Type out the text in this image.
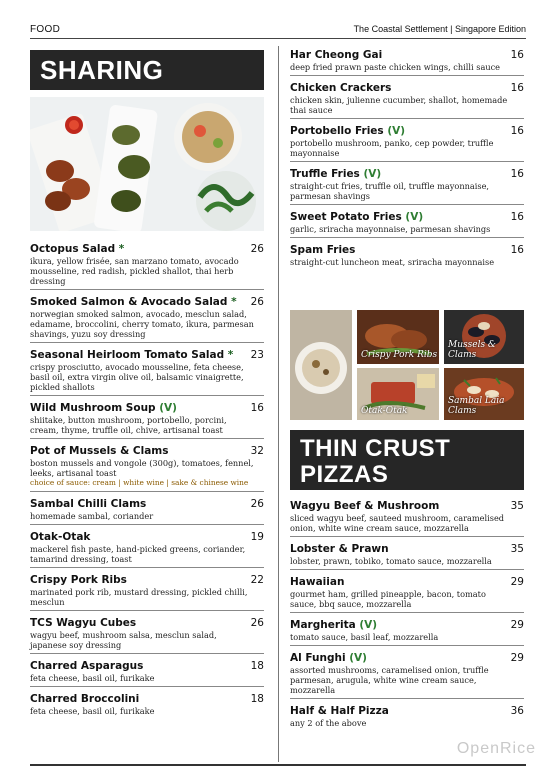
FOOD	The Coastal Settlement | Singapore Edition
SHARING
Octopus Salad *	26
ikura, yellow frisée, san marzano tomato, avocado mousseline, red radish, pickled shallot, thai herb dressing
Smoked Salmon & Avocado Salad *	26
norwegian smoked salmon, avocado, mesclun salad, edamame, broccolini, cherry tomato, ikura, parmesan shavings, yuzu soy dressing
Seasonal Heirloom Tomato Salad *	23
crispy prosciutto, avocado mousseline, feta cheese, basil oil, extra virgin olive oil, balsamic vinaigrette, pickled shallots
Wild Mushroom Soup (V)	16
shiitake, button mushroom, portobello, porcini, cream, thyme, truffle oil, chive, artisanal toast
Pot of Mussels & Clams	32
boston mussels and vongole (300g), tomatoes, fennel, leeks, artisanal toast
choice of sauce: cream | white wine | sake & chinese wine
Sambal Chilli Clams	26
homemade sambal, coriander
Otak-Otak	19
mackerel fish paste, hand-picked greens, coriander, tamarind dressing, toast
Crispy Pork Ribs	22
marinated pork rib, mustard dressing, pickled chilli, mesclun
TCS Wagyu Cubes	26
wagyu beef, mushroom salsa, mesclun salad, japanese soy dressing
Charred Asparagus	18
feta cheese, basil oil, furikake
Charred Broccolini	18
feta cheese, basil oil, furikake
Har Cheong Gai	16
deep fried prawn paste chicken wings, chilli sauce
Chicken Crackers	16
chicken skin, julienne cucumber, shallot, homemade thai sauce
Portobello Fries (V)	16
portobello mushroom, panko, cep powder, truffle mayonnaise
Truffle Fries (V)	16
straight-cut fries, truffle oil, truffle mayonnaise, parmesan shavings
Sweet Potato Fries (V)	16
garlic, sriracha mayonnaise, parmesan shavings
Spam Fries	16
straight-cut luncheon meat, sriracha mayonnaise
Crispy Pork Ribs
Mussels & Clams
Otak-Otak
Sambal Laia Clams
THIN CRUST
PIZZAS
Wagyu Beef & Mushroom	35
sliced wagyu beef, sauteed mushroom, caramelised onion, white wine cream sauce, mozzarella
Lobster & Prawn	35
lobster, prawn, tobiko, tomato sauce, mozzarella
Hawaiian	29
gourmet ham, grilled pineapple, bacon, tomato sauce, bbq sauce, mozzarella
Margherita (V)	29
tomato sauce, basil leaf, mozzarella
Al Funghi (V)	29
assorted mushrooms, caramelised onion, truffle parmesan, arugula, white wine cream sauce, mozzarella
Half & Half Pizza	36
any 2 of the above
OpenRice
